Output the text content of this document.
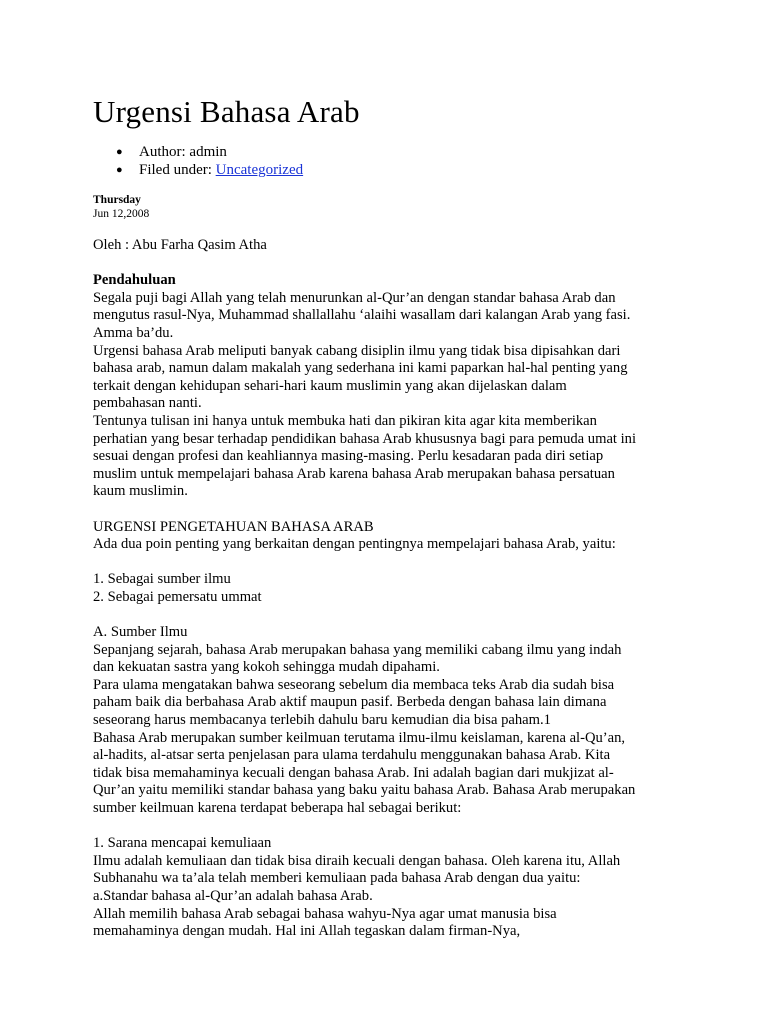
Urgensi Bahasa Arab
● Author: admin
● Filed under: Uncategorized
Thursday
Jun 12,2008

Oleh : Abu Farha Qasim Atha

Pendahuluan

Segala puji bagi Allah yang telah menurunkan al-Qur’an dengan standar bahasa Arab dan

mengutus rasul-Nya, Muhammad shallallahu ‘alaihi wasallam dari kalangan Arab yang fasi.

Amma ba’du.

Urgensi bahasa Arab meliputi banyak cabang disiplin ilmu yang tidak bisa dipisahkan dari

bahasa arab, namun dalam makalah yang sederhana ini kami paparkan hal-hal penting yang

terkait dengan kehidupan sehari-hari kaum muslimin yang akan dijelaskan dalam

pembahasan nanti.

Tentunya tulisan ini hanya untuk membuka hati dan pikiran kita agar kita memberikan

perhatian yang besar terhadap pendidikan bahasa Arab khususnya bagi para pemuda umat ini

sesuai dengan profesi dan keahliannya masing-masing. Perlu kesadaran pada diri setiap

muslim untuk mempelajari bahasa Arab karena bahasa Arab merupakan bahasa persatuan

kaum muslimin.

URGENSI PENGETAHUAN BAHASA ARAB

Ada dua poin penting yang berkaitan dengan pentingnya mempelajari bahasa Arab, yaitu:

1. Sebagai sumber ilmu

2. Sebagai pemersatu ummat

A. Sumber Ilmu

Sepanjang sejarah, bahasa Arab merupakan bahasa yang memiliki cabang ilmu yang indah

dan kekuatan sastra yang kokoh sehingga mudah dipahami.

Para ulama mengatakan bahwa seseorang sebelum dia membaca teks Arab dia sudah bisa

paham baik dia berbahasa Arab aktif maupun pasif. Berbeda dengan bahasa lain dimana

seseorang harus membacanya terlebih dahulu baru kemudian dia bisa paham.1

Bahasa Arab merupakan sumber keilmuan terutama ilmu-ilmu keislaman, karena al-Qu’an,

al-hadits, al-atsar serta penjelasan para ulama terdahulu menggunakan bahasa Arab. Kita

tidak bisa memahaminya kecuali dengan bahasa Arab. Ini adalah bagian dari mukjizat al-

Qur’an yaitu memiliki standar bahasa yang baku yaitu bahasa Arab. Bahasa Arab merupakan

sumber keilmuan karena terdapat beberapa hal sebagai berikut:

1. Sarana mencapai kemuliaan

Ilmu adalah kemuliaan dan tidak bisa diraih kecuali dengan bahasa. Oleh karena itu, Allah

Subhanahu wa ta’ala telah memberi kemuliaan pada bahasa Arab dengan dua yaitu:

a.Standar bahasa al-Qur’an adalah bahasa Arab.

Allah memilih bahasa Arab sebagai bahasa wahyu-Nya agar umat manusia bisa

memahaminya dengan mudah. Hal ini Allah tegaskan dalam firman-Nya,
